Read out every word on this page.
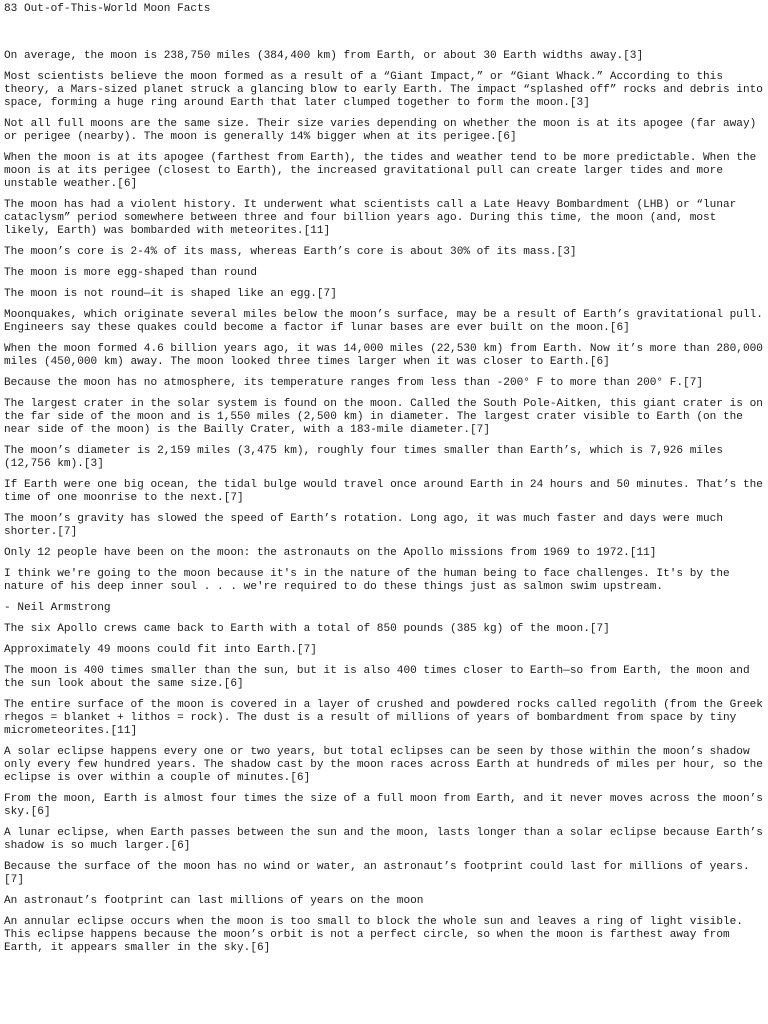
83 Out-of-This-World Moon Facts

On average, the moon is 238,750 miles (384,400 km) from Earth, or about 30 Earth widths away.[3]

Most scientists believe the moon formed as a result of a “Giant Impact,” or “Giant Whack.” According to this theory, a Mars-sized planet struck a glancing blow to early Earth. The impact “splashed off” rocks and debris into space, forming a huge ring around Earth that later clumped together to form the moon.[3]

Not all full moons are the same size. Their size varies depending on whether the moon is at its apogee (far away) or perigee (nearby). The moon is generally 14% bigger when at its perigee.[6]

When the moon is at its apogee (farthest from Earth), the tides and weather tend to be more predictable. When the moon is at its perigee (closest to Earth), the increased gravitational pull can create larger tides and more unstable weather.[6]

The moon has had a violent history. It underwent what scientists call a Late Heavy Bombardment (LHB) or “lunar cataclysm” period somewhere between three and four billion years ago. During this time, the moon (and, most likely, Earth) was bombarded with meteorites.[11]

The moon’s core is 2-4% of its mass, whereas Earth’s core is about 30% of its mass.[3]

The moon is more egg-shaped than round

The moon is not round—it is shaped like an egg.[7]

Moonquakes, which originate several miles below the moon’s surface, may be a result of Earth’s gravitational pull. Engineers say these quakes could become a factor if lunar bases are ever built on the moon.[6]

When the moon formed 4.6 billion years ago, it was 14,000 miles (22,530 km) from Earth. Now it’s more than 280,000 miles (450,000 km) away. The moon looked three times larger when it was closer to Earth.[6]

Because the moon has no atmosphere, its temperature ranges from less than -200° F to more than 200° F.[7]

The largest crater in the solar system is found on the moon. Called the South Pole-Aitken, this giant crater is on the far side of the moon and is 1,550 miles (2,500 km) in diameter. The largest crater visible to Earth (on the near side of the moon) is the Bailly Crater, with a 183-mile diameter.[7]

The moon’s diameter is 2,159 miles (3,475 km), roughly four times smaller than Earth’s, which is 7,926 miles (12,756 km).[3]

If Earth were one big ocean, the tidal bulge would travel once around Earth in 24 hours and 50 minutes. That’s the time of one moonrise to the next.[7]

The moon’s gravity has slowed the speed of Earth’s rotation. Long ago, it was much faster and days were much shorter.[7]

Only 12 people have been on the moon: the astronauts on the Apollo missions from 1969 to 1972.[11]

I think we're going to the moon because it's in the nature of the human being to face challenges. It's by the nature of his deep inner soul . . . we're required to do these things just as salmon swim upstream.

- Neil Armstrong

The six Apollo crews came back to Earth with a total of 850 pounds (385 kg) of the moon.[7]

Approximately 49 moons could fit into Earth.[7]

The moon is 400 times smaller than the sun, but it is also 400 times closer to Earth—so from Earth, the moon and the sun look about the same size.[6]

The entire surface of the moon is covered in a layer of crushed and powdered rocks called regolith (from the Greek rhegos = blanket + lithos = rock). The dust is a result of millions of years of bombardment from space by tiny micrometeorites.[11]

A solar eclipse happens every one or two years, but total eclipses can be seen by those within the moon’s shadow only every few hundred years. The shadow cast by the moon races across Earth at hundreds of miles per hour, so the eclipse is over within a couple of minutes.[6]

From the moon, Earth is almost four times the size of a full moon from Earth, and it never moves across the moon’s sky.[6]

A lunar eclipse, when Earth passes between the sun and the moon, lasts longer than a solar eclipse because Earth’s shadow is so much larger.[6]

Because the surface of the moon has no wind or water, an astronaut’s footprint could last for millions of years.[7]

An astronaut’s footprint can last millions of years on the moon

An annular eclipse occurs when the moon is too small to block the whole sun and leaves a ring of light visible. This eclipse happens because the moon’s orbit is not a perfect circle, so when the moon is farthest away from Earth, it appears smaller in the sky.[6]
